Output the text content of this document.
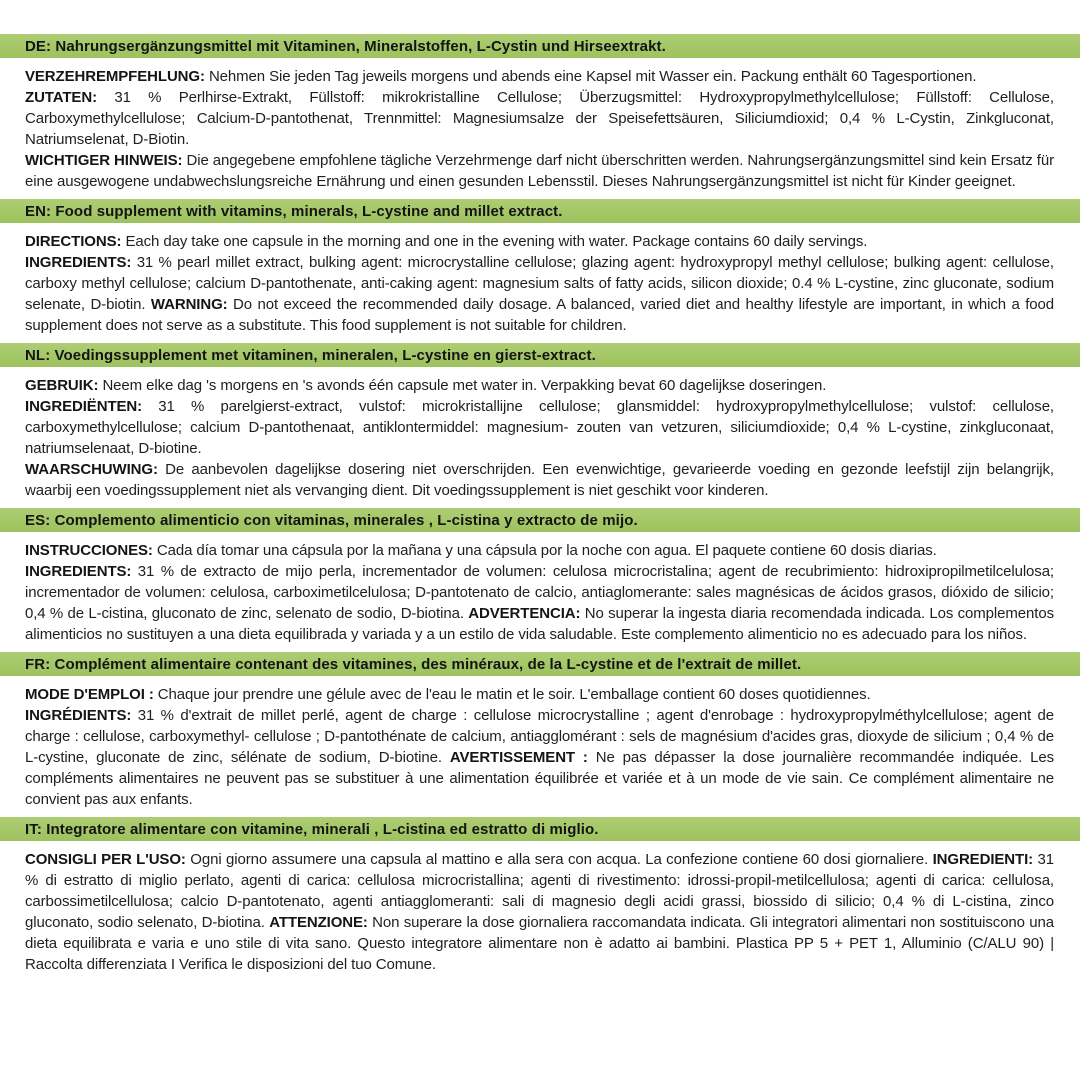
DE: Nahrungsergänzungsmittel mit Vitaminen, Mineralstoffen, L-Cystin und Hirseextrakt.

VERZEHREMPFEHLUNG: Nehmen Sie jeden Tag jeweils morgens und abends eine Kapsel mit Wasser ein. Packung enthält 60 Tagesportionen.

ZUTATEN: 31 % Perlhirse-Extrakt, Füllstoff: mikrokristalline Cellulose; Überzugsmittel: Hydroxypropylmethylcellulose; Füllstoff: Cellulose, Carboxymethylcellulose; Calcium-D-pantothenat, Trennmittel: Magnesiumsalze der Speisefettsäuren, Siliciumdioxid; 0,4 % L-Cystin, Zinkgluconat, Natriumselenat, D-Biotin.

WICHTIGER HINWEIS: Die angegebene empfohlene tägliche Verzehrmenge darf nicht überschritten werden. Nahrungsergänzungsmittel sind kein Ersatz für eine ausgewogene undabwechslungsreiche Ernährung und einen gesunden Lebensstil. Dieses Nahrungsergänzungsmittel ist nicht für Kinder geeignet.

EN: Food supplement with vitamins, minerals, L-cystine and millet extract.

DIRECTIONS: Each day take one capsule in the morning and one in the evening with water. Package contains 60 daily servings.

INGREDIENTS: 31 % pearl millet extract, bulking agent: microcrystalline cellulose; glazing agent: hydroxypropyl methyl cellulose; bulking agent: cellulose, carboxy methyl cellulose; calcium D-pantothenate, anti-caking agent: magnesium salts of fatty acids, silicon dioxide; 0.4 % L-cystine, zinc gluconate, sodium selenate, D-biotin. WARNING: Do not exceed the recommended daily dosage. A balanced, varied diet and healthy lifestyle are important, in which a food supplement does not serve as a substitute. This food supplement is not suitable for children.

NL: Voedingssupplement met vitaminen, mineralen, L-cystine en gierst-extract.

GEBRUIK: Neem elke dag 's morgens en 's avonds één capsule met water in. Verpakking bevat 60 dagelijkse doseringen.

INGREDIËNTEN: 31 % parelgierst-extract, vulstof: microkristallijne cellulose; glansmiddel: hydroxypropylmethylcellulose; vulstof: cellulose, carboxymethylcellulose; calcium D-pantothenaat, antiklontermiddel: magnesium- zouten van vetzuren, siliciumdioxide; 0,4 % L-cystine, zinkgluconaat, natriumselenaat, D-biotine.

WAARSCHUWING: De aanbevolen dagelijkse dosering niet overschrijden. Een evenwichtige, gevarieerde voeding en gezonde leefstijl zijn belangrijk, waarbij een voedingssupplement niet als vervanging dient. Dit voedingssupplement is niet geschikt voor kinderen.

ES: Complemento alimenticio con vitaminas, minerales , L-cistina y extracto de mijo.

INSTRUCCIONES: Cada día tomar una cápsula por la mañana y una cápsula por la noche con agua. El paquete contiene 60 dosis diarias.

INGREDIENTS: 31 % de extracto de mijo perla, incrementador de volumen: celulosa microcristalina; agent de recubrimiento: hidroxipropilmetilcelulosa; incrementador de volumen: celulosa, carboximetilcelulosa; D-pantotenato de calcio, antiaglomerante: sales magnésicas de ácidos grasos, dióxido de silicio; 0,4 % de L-cistina, gluconato de zinc, selenato de sodio, D-biotina. ADVERTENCIA: No superar la ingesta diaria recomendada indicada. Los complementos alimenticios no sustituyen a una dieta equilibrada y variada y a un estilo de vida saludable. Este complemento alimenticio no es adecuado para los niños.

FR: Complément alimentaire contenant des vitamines, des minéraux, de la L-cystine et de l'extrait de millet.

MODE D'EMPLOI : Chaque jour prendre une gélule avec de l'eau le matin et le soir. L'emballage contient 60 doses quotidiennes.

INGRÉDIENTS: 31 % d'extrait de millet perlé, agent de charge : cellulose microcrystalline ; agent d'enrobage : hydroxypropylméthylcellulose; agent de charge : cellulose, carboxymethyl- cellulose ; D-pantothénate de calcium, antiagglomérant : sels de magnésium d'acides gras, dioxyde de silicium ; 0,4 % de L-cystine, gluconate de zinc, sélénate de sodium, D-biotine. AVERTISSEMENT : Ne pas dépasser la dose journalière recommandée indiquée. Les compléments alimentaires ne peuvent pas se substituer à une alimentation équilibrée et variée et à un mode de vie sain. Ce complément alimentaire ne convient pas aux enfants.

IT: Integratore alimentare con vitamine, minerali , L-cistina ed estratto di miglio.

CONSIGLI PER L'USO: Ogni giorno assumere una capsula al mattino e alla sera con acqua. La confezione contiene 60 dosi giornaliere. INGREDIENTI: 31 % di estratto di miglio perlato, agenti di carica: cellulosa microcristallina; agenti di rivestimento: idrossi-propil-metilcellulosa; agenti di carica: cellulosa, carbossimetilcellulosa; calcio D-pantotenato, agenti antiagglomeranti: sali di magnesio degli acidi grassi, biossido di silicio; 0,4 % di L-cistina, zinco gluconato, sodio selenato, D-biotina. ATTENZIONE: Non superare la dose giornaliera raccomandata indicata. Gli integratori alimentari non sostituiscono una dieta equilibrata e varia e uno stile di vita sano. Questo integratore alimentare non è adatto ai bambini. Plastica PP 5 + PET 1, Alluminio (C/ALU 90) | Raccolta differenziata I Verifica le disposizioni del tuo Comune.
